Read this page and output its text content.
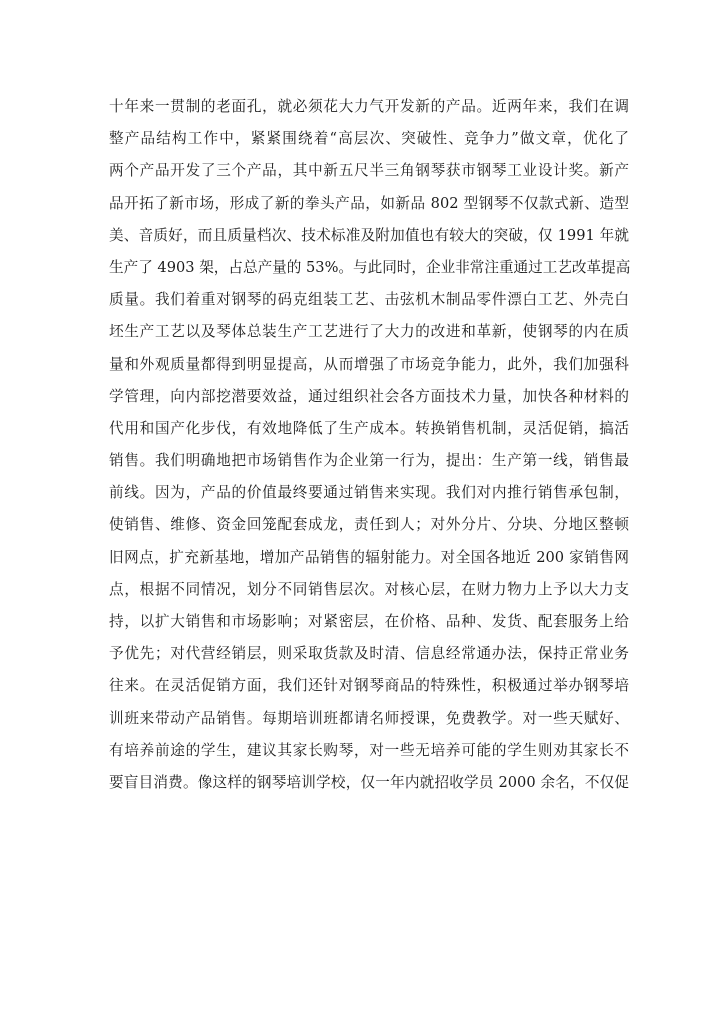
十年来一贯制的老面孔，就必须花大力气开发新的产品。近两年来，我们在调
整产品结构工作中，紧紧围绕着“高层次、突破性、竞争力”做文章，优化了
两个产品开发了三个产品，其中新五尺半三角钢琴获市钢琴工业设计奖。新产
品开拓了新市场，形成了新的拳头产品，如新品 802 型钢琴不仅款式新、造型
美、音质好，而且质量档次、技术标准及附加值也有较大的突破，仅 1991 年就
生产了 4903 架，占总产量的 53%。与此同时，企业非常注重通过工艺改革提高
质量。我们着重对钢琴的码克组装工艺、击弦机木制品零件漂白工艺、外壳白
坯生产工艺以及琴体总装生产工艺进行了大力的改进和革新，使钢琴的内在质
量和外观质量都得到明显提高，从而增强了市场竞争能力，此外，我们加强科
学管理，向内部挖潜要效益，通过组织社会各方面技术力量，加快各种材料的
代用和国产化步伐，有效地降低了生产成本。转换销售机制，灵活促销，搞活
销售。我们明确地把市场销售作为企业第一行为，提出：生产第一线，销售最
前线。因为，产品的价值最终要通过销售来实现。我们对内推行销售承包制，
使销售、维修、资金回笼配套成龙，责任到人；对外分片、分块、分地区整顿
旧网点，扩充新基地，增加产品销售的辐射能力。对全国各地近 200 家销售网
点，根据不同情况，划分不同销售层次。对核心层，在财力物力上予以大力支
持，以扩大销售和市场影响；对紧密层，在价格、品种、发货、配套服务上给
予优先；对代营经销层，则采取货款及时清、信息经常通办法，保持正常业务
往来。在灵活促销方面，我们还针对钢琴商品的特殊性，积极通过举办钢琴培
训班来带动产品销售。每期培训班都请名师授课，免费教学。对一些天赋好、
有培养前途的学生，建议其家长购琴，对一些无培养可能的学生则劝其家长不
要盲目消费。像这样的钢琴培训学校，仅一年内就招收学员 2000 余名，不仅促
